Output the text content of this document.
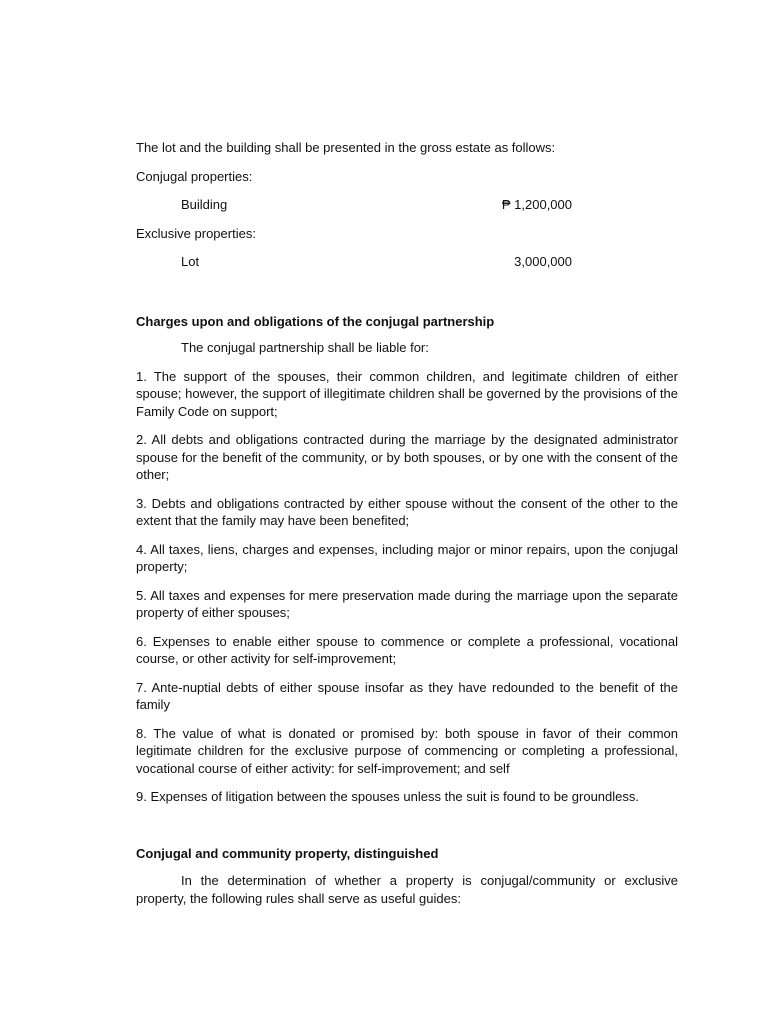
The lot and the building shall be presented in the gross estate as follows:

Conjugal properties:

Building	₱ 1,200,000

Exclusive properties:

Lot	3,000,000

Charges upon and obligations of the conjugal partnership

The conjugal partnership shall be liable for:

1. The support of the spouses, their common children, and legitimate children of either spouse; however, the support of illegitimate children shall be governed by the provisions of the Family Code on support;
2. All debts and obligations contracted during the marriage by the designated administrator spouse for the benefit of the community, or by both spouses, or by one with the consent of the other;
3. Debts and obligations contracted by either spouse without the consent of the other to the extent that the family may have been benefited;
4. All taxes, liens, charges and expenses, including major or minor repairs, upon the conjugal property;
5. All taxes and expenses for mere preservation made during the marriage upon the separate property of either spouses;
6. Expenses to enable either spouse to commence or complete a professional, vocational course, or other activity for self-improvement;
7. Ante-nuptial debts of either spouse insofar as they have redounded to the benefit of the family
8. The value of what is donated or promised by: both spouse in favor of their common legitimate children for the exclusive purpose of commencing or completing a professional, vocational course of either activity: for self-improvement; and self
9. Expenses of litigation between the spouses unless the suit is found to be groundless.

Conjugal and community property, distinguished

In the determination of whether a property is conjugal/community or exclusive property, the following rules shall serve as useful guides:
